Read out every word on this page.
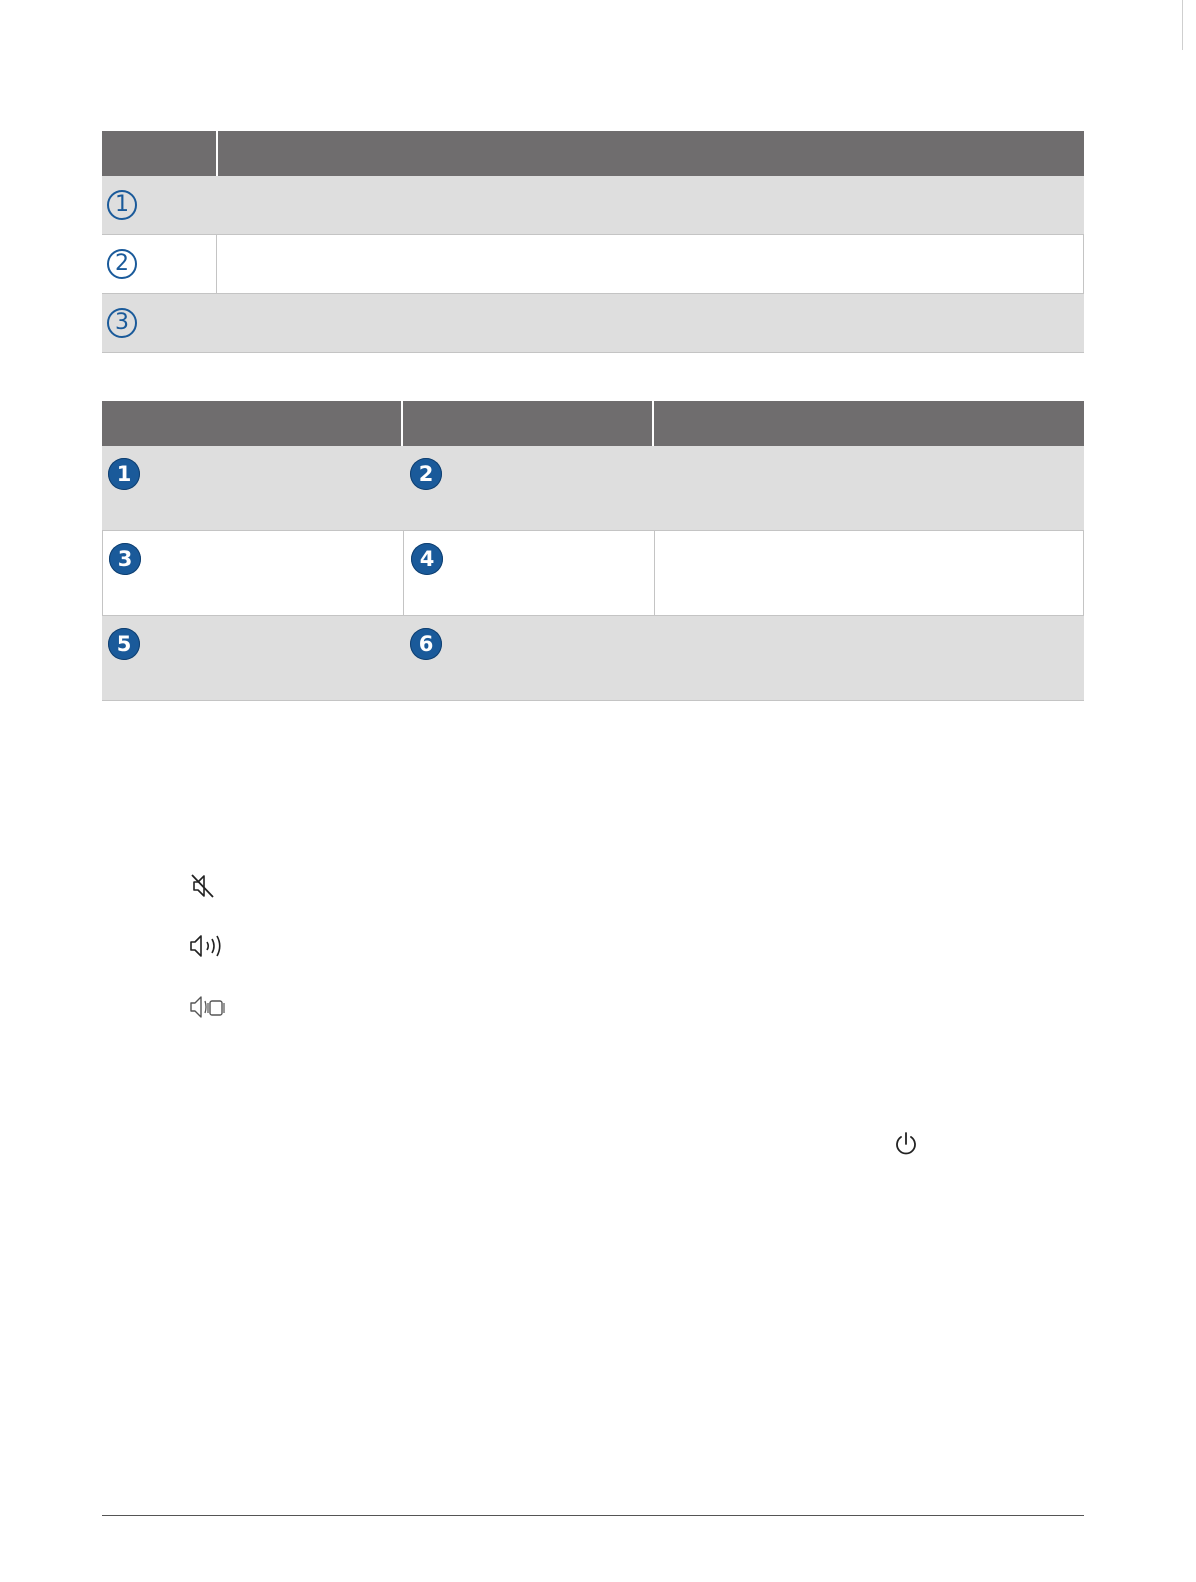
1
2
3
1	2
3	4
5	6
